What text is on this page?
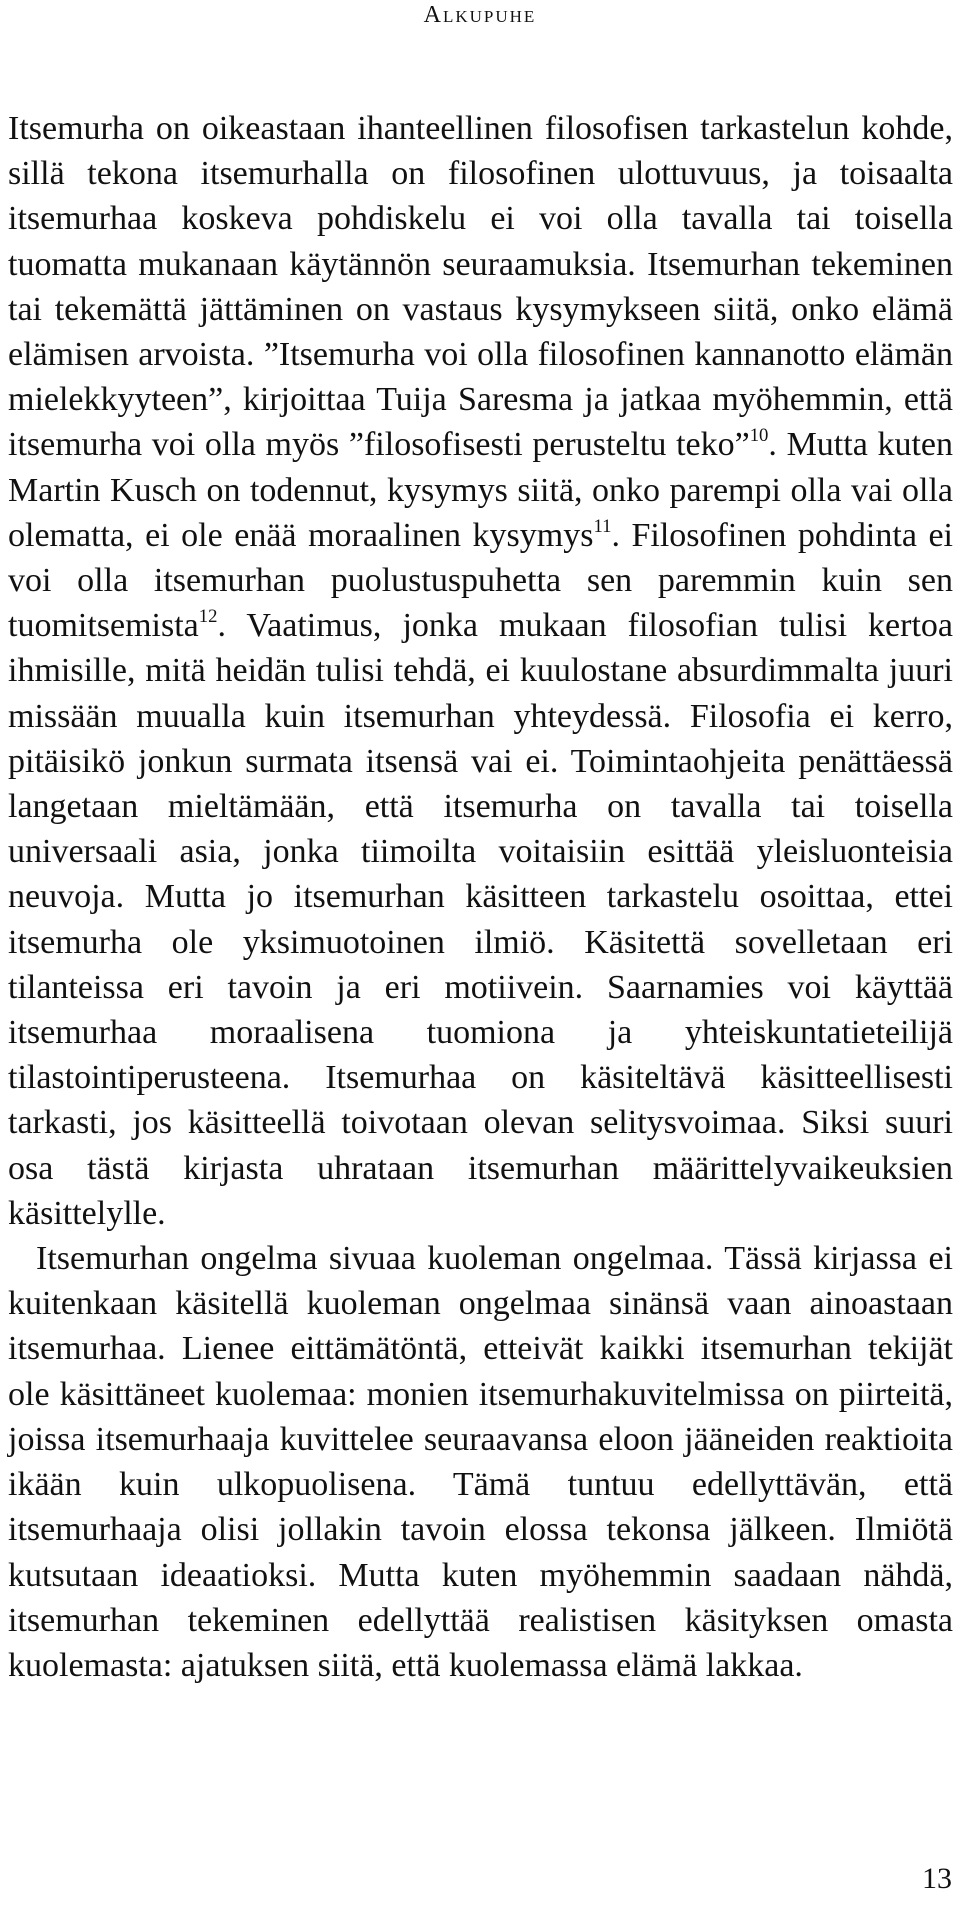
Alkupuhe

Itsemurha on oikeastaan ihanteellinen filosofisen tarkastelun kohde, sillä tekona itsemurhalla on filosofinen ulottuvuus, ja toisaalta itsemurhaa koskeva pohdiskelu ei voi olla tavalla tai toisella tuomatta mukanaan käytännön seuraamuksia. Itsemurhan tekeminen tai tekemättä jättäminen on vastaus kysymykseen siitä, onko elämä elämisen arvoista. ”Itsemurha voi olla filosofinen kannanotto elämän mielekkyyteen”, kirjoittaa Tuija Saresma ja jatkaa myöhemmin, että itsemurha voi olla myös ”filosofisesti perusteltu teko”$^{10}$. Mutta kuten Martin Kusch on todennut, kysymys siitä, onko parempi olla vai olla olematta, ei ole enää moraalinen kysymys$^{11}$. Filosofinen pohdinta ei voi olla itsemurhan puolustuspuhetta sen paremmin kuin sen tuomitsemista$^{12}$. Vaatimus, jonka mukaan filosofian tulisi kertoa ihmisille, mitä heidän tulisi tehdä, ei kuulostane absurdimmalta juuri missään muualla kuin itsemurhan yhteydessä. Filosofia ei kerro, pitäisikö jonkun surmata itsensä vai ei. Toimintaohjeita penättäessä langetaan mieltämään, että itsemurha on tavalla tai toisella universaali asia, jonka tiimoilta voitaisiin esittää yleisluonteisia neuvoja. Mutta jo itsemurhan käsitteen tarkastelu osoittaa, ettei itsemurha ole yksimuotoinen ilmiö. Käsitettä sovelletaan eri tilanteissa eri tavoin ja eri motiivein. Saarnamies voi käyttää itsemurhaa moraalisena tuomiona ja yhteiskuntatieteilijä tilastointiperusteena. Itsemurhaa on käsiteltävä käsitteellisesti tarkasti, jos käsitteellä toivotaan olevan selitysvoimaa. Siksi suuri osa tästä kirjasta uhrataan itsemurhan määrittelyvaikeuksien käsittelylle.

Itsemurhan ongelma sivuaa kuoleman ongelmaa. Tässä kirjassa ei kuitenkaan käsitellä kuoleman ongelmaa sinänsä vaan ainoastaan itsemurhaa. Lienee eittämätöntä, etteivät kaikki itsemurhan tekijät ole käsittäneet kuolemaa: monien itsemurhakuvitelmissa on piirteitä, joissa itsemurhaaja kuvittelee seuraavansa eloon jääneiden reaktioita ikään kuin ulkopuolisena. Tämä tuntuu edellyttävän, että itsemurhaaja olisi jollakin tavoin elossa tekonsa jälkeen. Ilmiötä kutsutaan ideaatioksi. Mutta kuten myöhemmin saadaan nähdä, itsemurhan tekeminen edellyttää realistisen käsityksen omasta kuolemasta: ajatuksen siitä, että kuolemassa elämä lakkaa.

13
